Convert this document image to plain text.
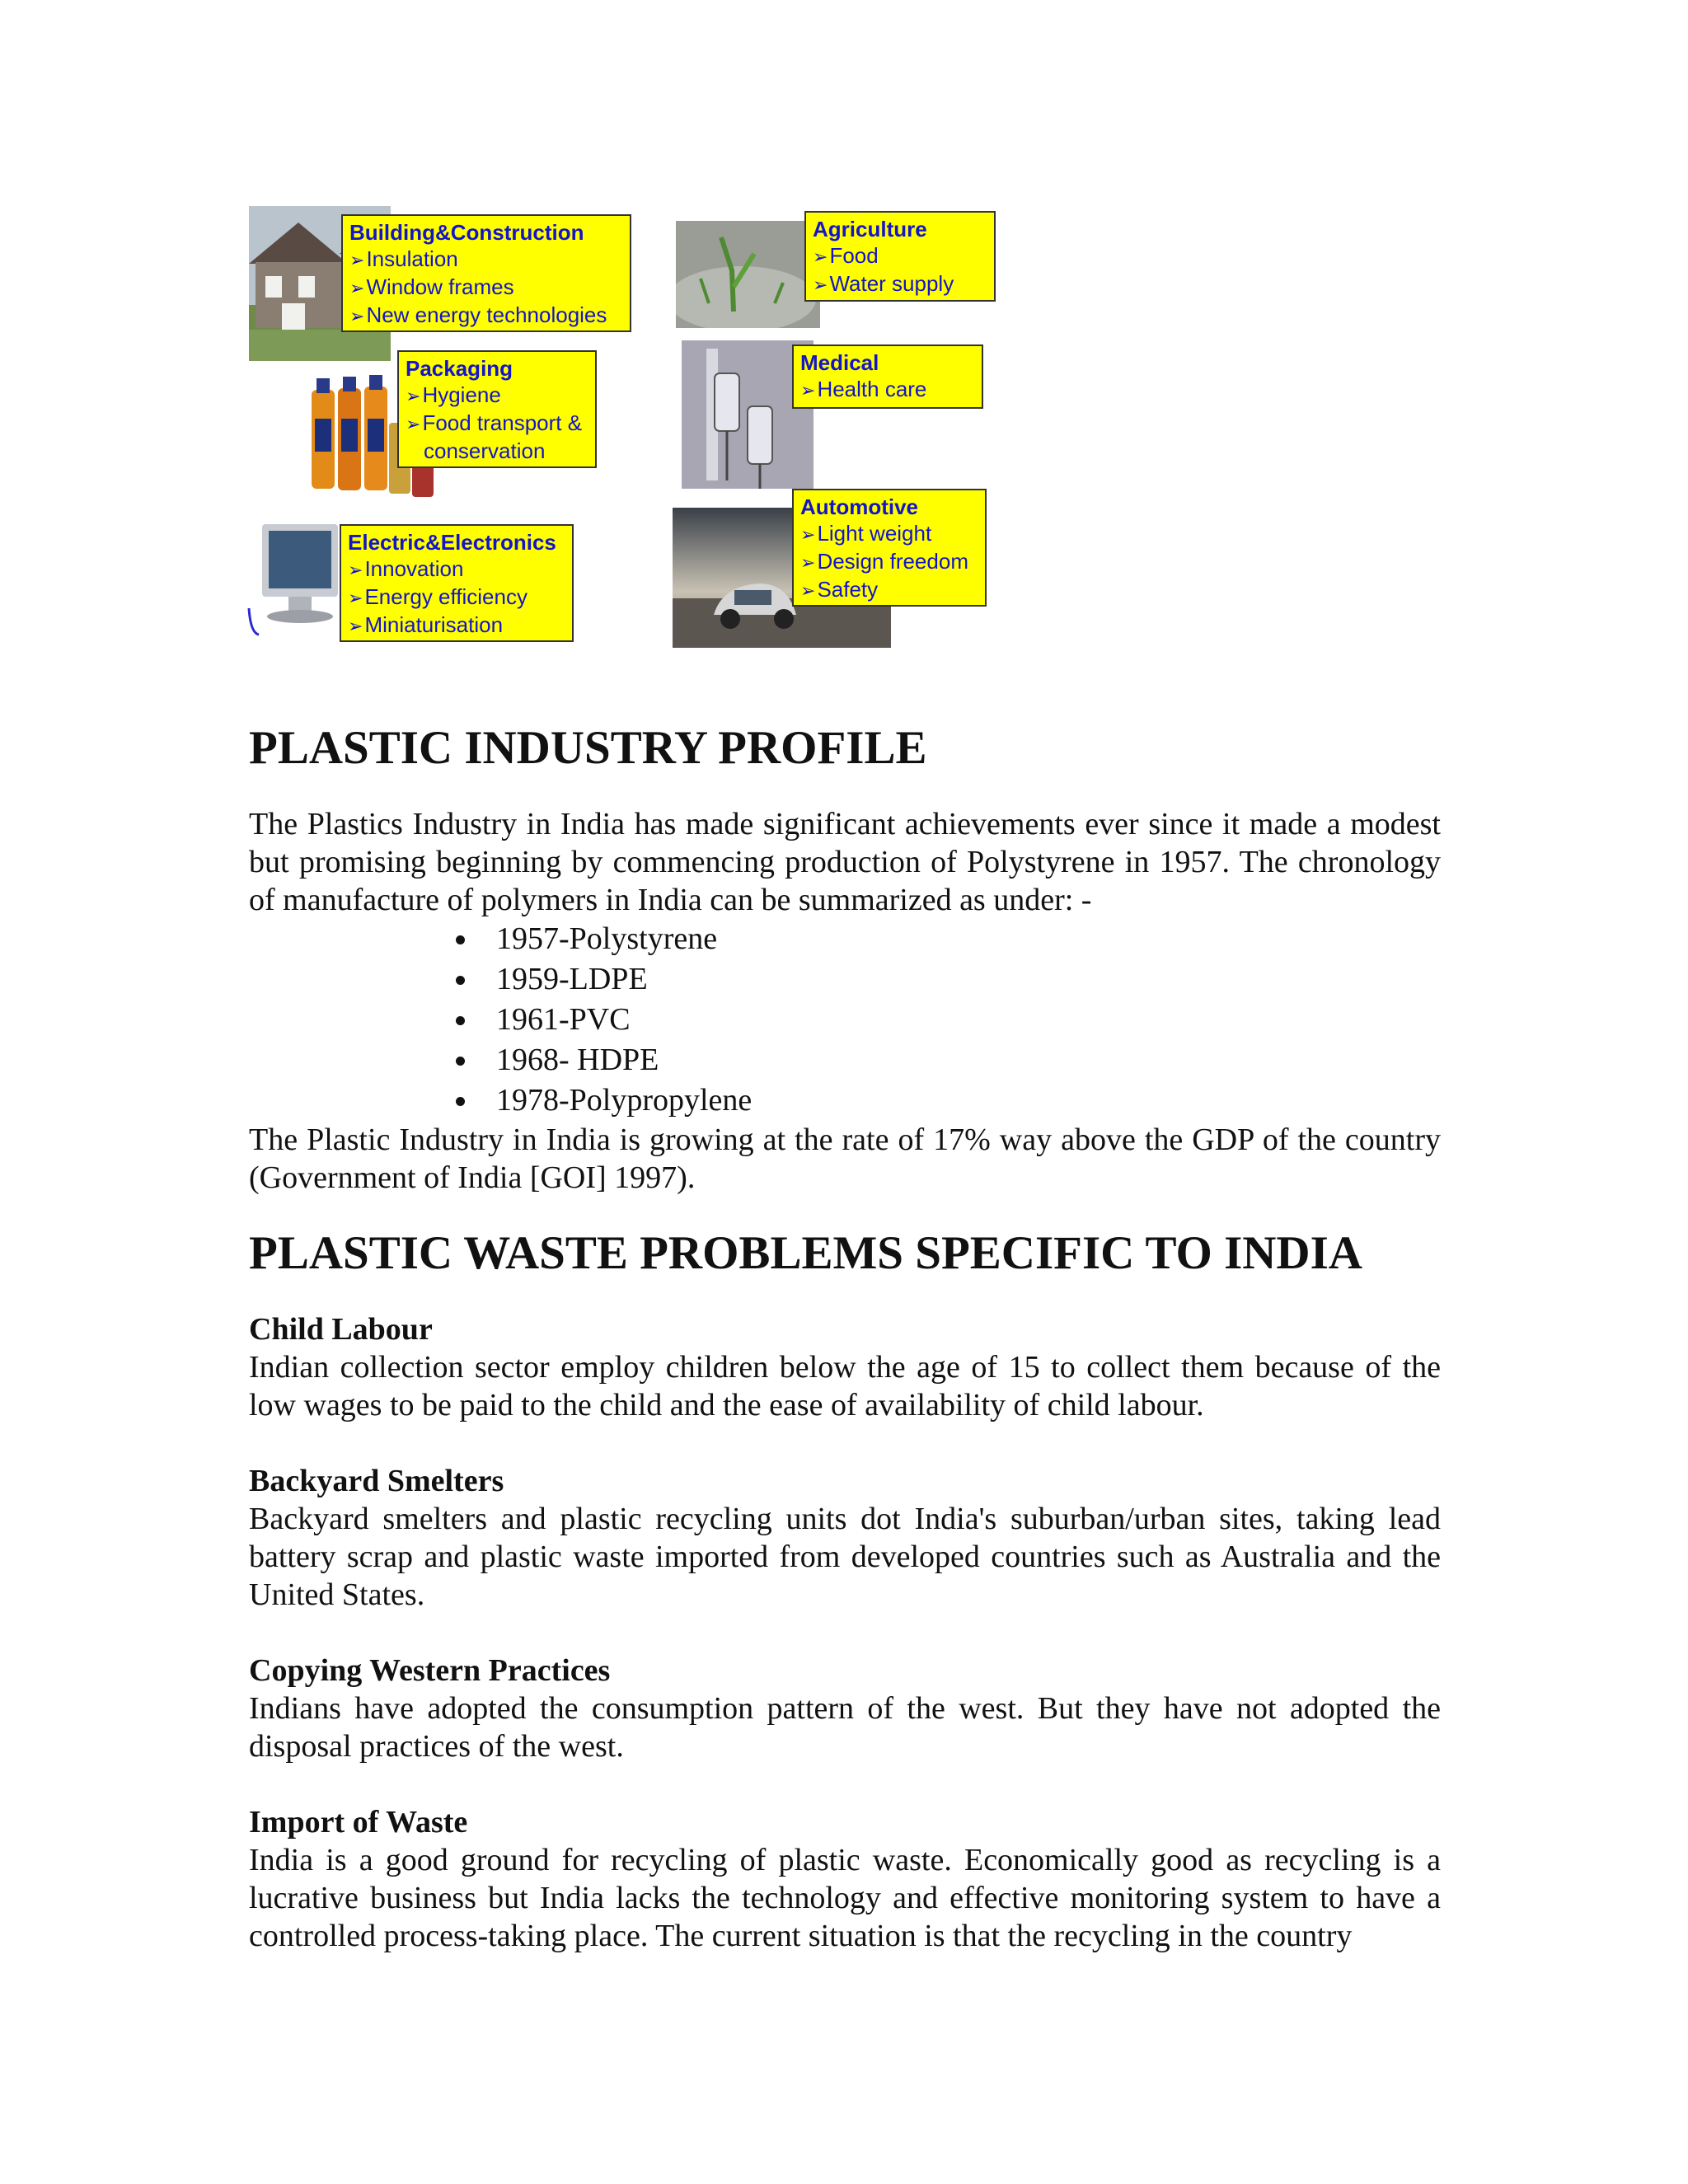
Building&Construction
➢Insulation
➢Window frames
➢New energy technologies
Packaging
➢Hygiene
➢Food transport &
conservation
Electric&Electronics
➢Innovation
➢Energy efficiency
➢Miniaturisation
Agriculture
➢Food
➢Water supply
Medical
➢Health care
Automotive
➢Light weight
➢Design freedom
➢Safety
PLASTIC INDUSTRY PROFILE

The Plastics Industry in India has made significant achievements ever since it made a modest but promising beginning by commencing production of Polystyrene in 1957. The chronology of manufacture of polymers in India can be summarized as under: -

1957-Polystyrene
1959-LDPE
1961-PVC
1968- HDPE
1978-Polypropylene

The Plastic Industry in India is growing at the rate of 17% way above the GDP of the country (Government of India [GOI] 1997).

PLASTIC WASTE PROBLEMS SPECIFIC TO INDIA
Child Labour

Indian collection sector employ children below the age of 15 to collect them because of the low wages to be paid to the child and the ease of availability of child labour.

Backyard Smelters

Backyard smelters and plastic recycling units dot India's suburban/urban sites, taking lead battery scrap and plastic waste imported from developed countries such as Australia and the United States.

Copying Western Practices

Indians have adopted the consumption pattern of the west. But they have not adopted the disposal practices of the west.

Import of Waste

India is a good ground for recycling of plastic waste. Economically good as recycling is a lucrative business but India lacks the technology and effective monitoring system to have a controlled process-taking place. The current situation is that the recycling in the country
